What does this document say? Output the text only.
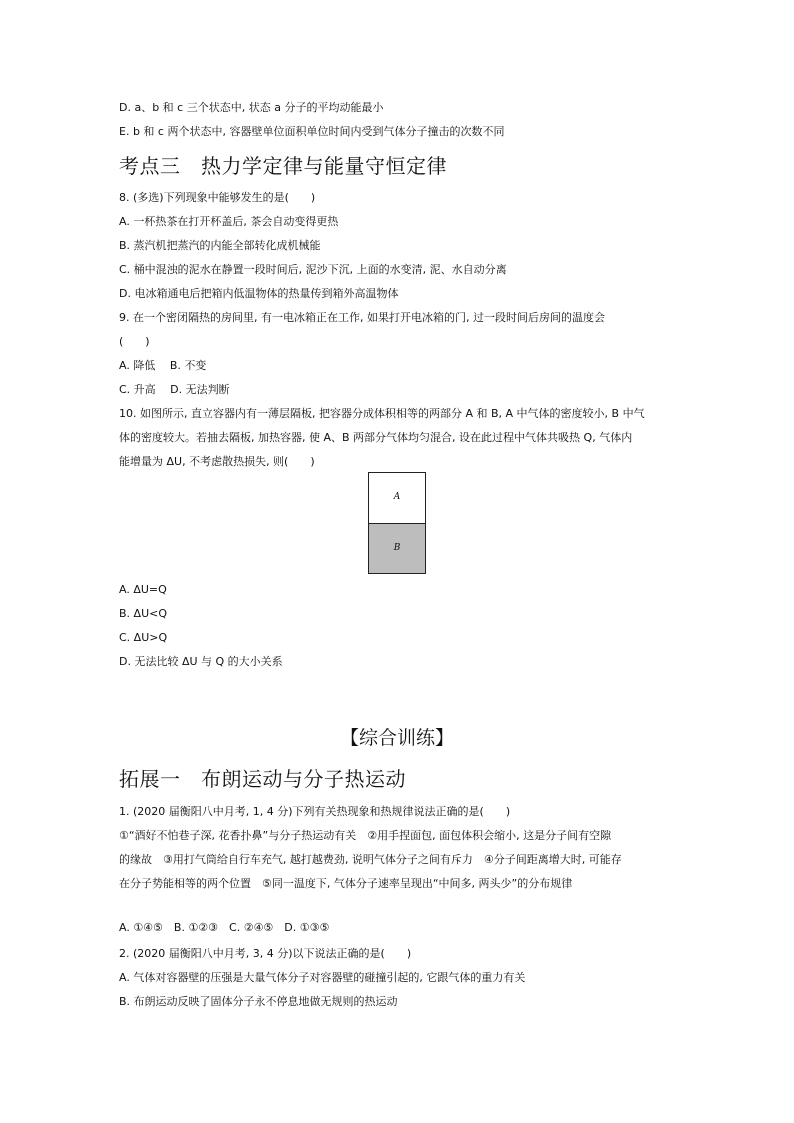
D. a、b 和 c 三个状态中, 状态 a 分子的平均动能最小
E. b 和 c 两个状态中, 容器壁单位面积单位时间内受到气体分子撞击的次数不同
考点三　热力学定律与能量守恒定律
8. (多选)下列现象中能够发生的是(　　)
A. 一杯热茶在打开杯盖后, 茶会自动变得更热
B. 蒸汽机把蒸汽的内能全部转化成机械能
C. 桶中混浊的泥水在静置一段时间后, 泥沙下沉, 上面的水变清, 泥、水自动分离
D. 电冰箱通电后把箱内低温物体的热量传到箱外高温物体
9. 在一个密闭隔热的房间里, 有一电冰箱正在工作, 如果打开电冰箱的门, 过一段时间后房间的温度会
(　　)
A. 降低　 B. 不变
C. 升高　 D. 无法判断
10. 如图所示, 直立容器内有一薄层隔板, 把容器分成体积相等的两部分 A 和 B, A 中气体的密度较小, B 中气
体的密度较大。若抽去隔板, 加热容器, 使 A、B 两部分气体均匀混合, 设在此过程中气体共吸热 Q, 气体内
能增量为 ΔU, 不考虑散热损失, 则(　　)
A
B
A. ΔU=Q
B. ΔU<Q
C. ΔU>Q
D. 无法比较 ΔU 与 Q 的大小关系
【综合训练】
拓展一　布朗运动与分子热运动
1. (2020 届衡阳八中月考, 1, 4 分)下列有关热现象和热规律说法正确的是(　　)
①“酒好不怕巷子深, 花香扑鼻”与分子热运动有关　②用手捏面包, 面包体积会缩小, 这是分子间有空隙
的缘故　③用打气筒给自行车充气, 越打越费劲, 说明气体分子之间有斥力　④分子间距离增大时, 可能存
在分子势能相等的两个位置　⑤同一温度下, 气体分子速率呈现出“中间多, 两头少”的分布规律
A. ①④⑤　B. ①②③　C. ②④⑤　D. ①③⑤
2. (2020 届衡阳八中月考, 3, 4 分)以下说法正确的是(　　)
A. 气体对容器壁的压强是大量气体分子对容器壁的碰撞引起的, 它跟气体的重力有关
B. 布朗运动反映了固体分子永不停息地做无规则的热运动
